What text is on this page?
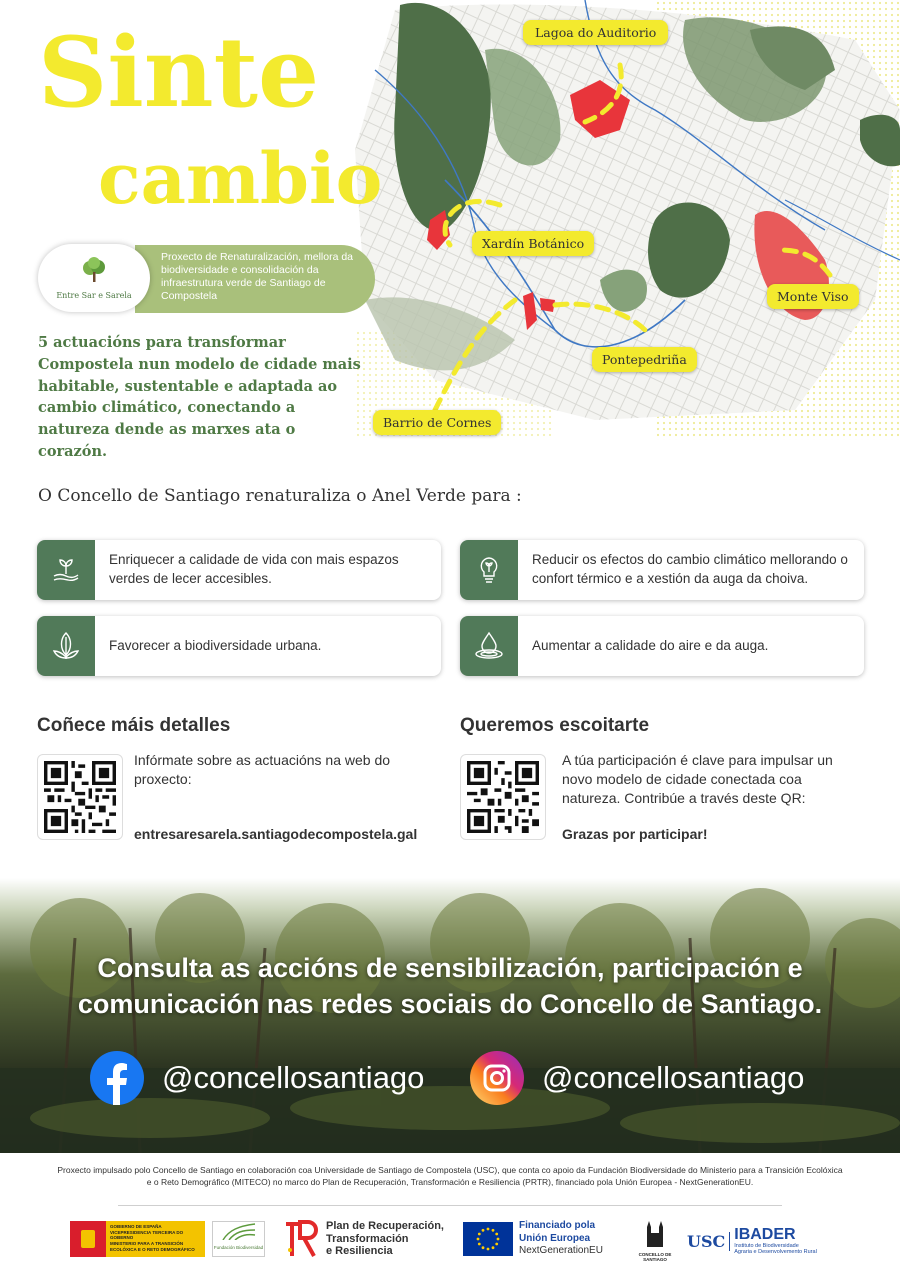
Lagoa do Auditorio
Xardín Botánico
Monte Viso
Pontepedriña
Barrio de Cornes
Sinte
cambio
Proxecto de Renaturalización, mellora da biodiversidade e consolidación da infraestrutura verde de Santiago de Compostela
Entre Sar e Sarela
5 actuacións para transformar Compostela nun modelo de cidade mais habitable, sustentable e adaptada ao cambio climático, conectando a natureza dende as marxes ata o corazón.
O Concello de Santiago renaturaliza o Anel Verde para :
Enriquecer a calidade de vida con mais espazos verdes de lecer accesibles.
Reducir os efectos do cambio climático mellorando o confort térmico e a xestión da auga da choiva.
Favorecer a biodiversidade urbana.	Aumentar a calidade do aire e da auga.
Coñece máis detalles
Infórmate sobre as actuacións na web do proxecto:
entresaresarela.santiagodecompostela.gal
Queremos escoitarte
A túa participación é clave para impulsar un novo modelo de cidade conectada coa natureza. Contribúe a través deste QR:
Grazas por participar!
Consulta as accións de sensibilización, participación e comunicación nas redes sociais do Concello de Santiago.
@concellosantiago	@concellosantiago
Proxecto impulsado polo Concello de Santiago en colaboración coa Universidade de Santiago de Compostela (USC), que conta co apoio da Fundación Biodiversidade do Ministerio para a Transición Ecolóxica e o Reto Demográfico (MITECO) no marco do Plan de Recuperación, Transformación e Resiliencia (PRTR), financiado pola Unión Europea - NextGenerationEU.
GOBIERNO DE ESPAÑA
VICEPRESIDENCIA TERCEIRA DO GOBERNO
MINISTERIO PARA A TRANSICIÓN ECOLÓXICA E O RETO DEMOGRÁFICO	Fundación Biodiversidad
Plan de Recuperación,
Transformación
e Resiliencia
Financiado pola
Unión Europea
NextGenerationEU	CONCELLO DE
SANTIAGO
USC IBADER
Instituto de Biodiversidade
Agraria e Desenvolvemento Rural
